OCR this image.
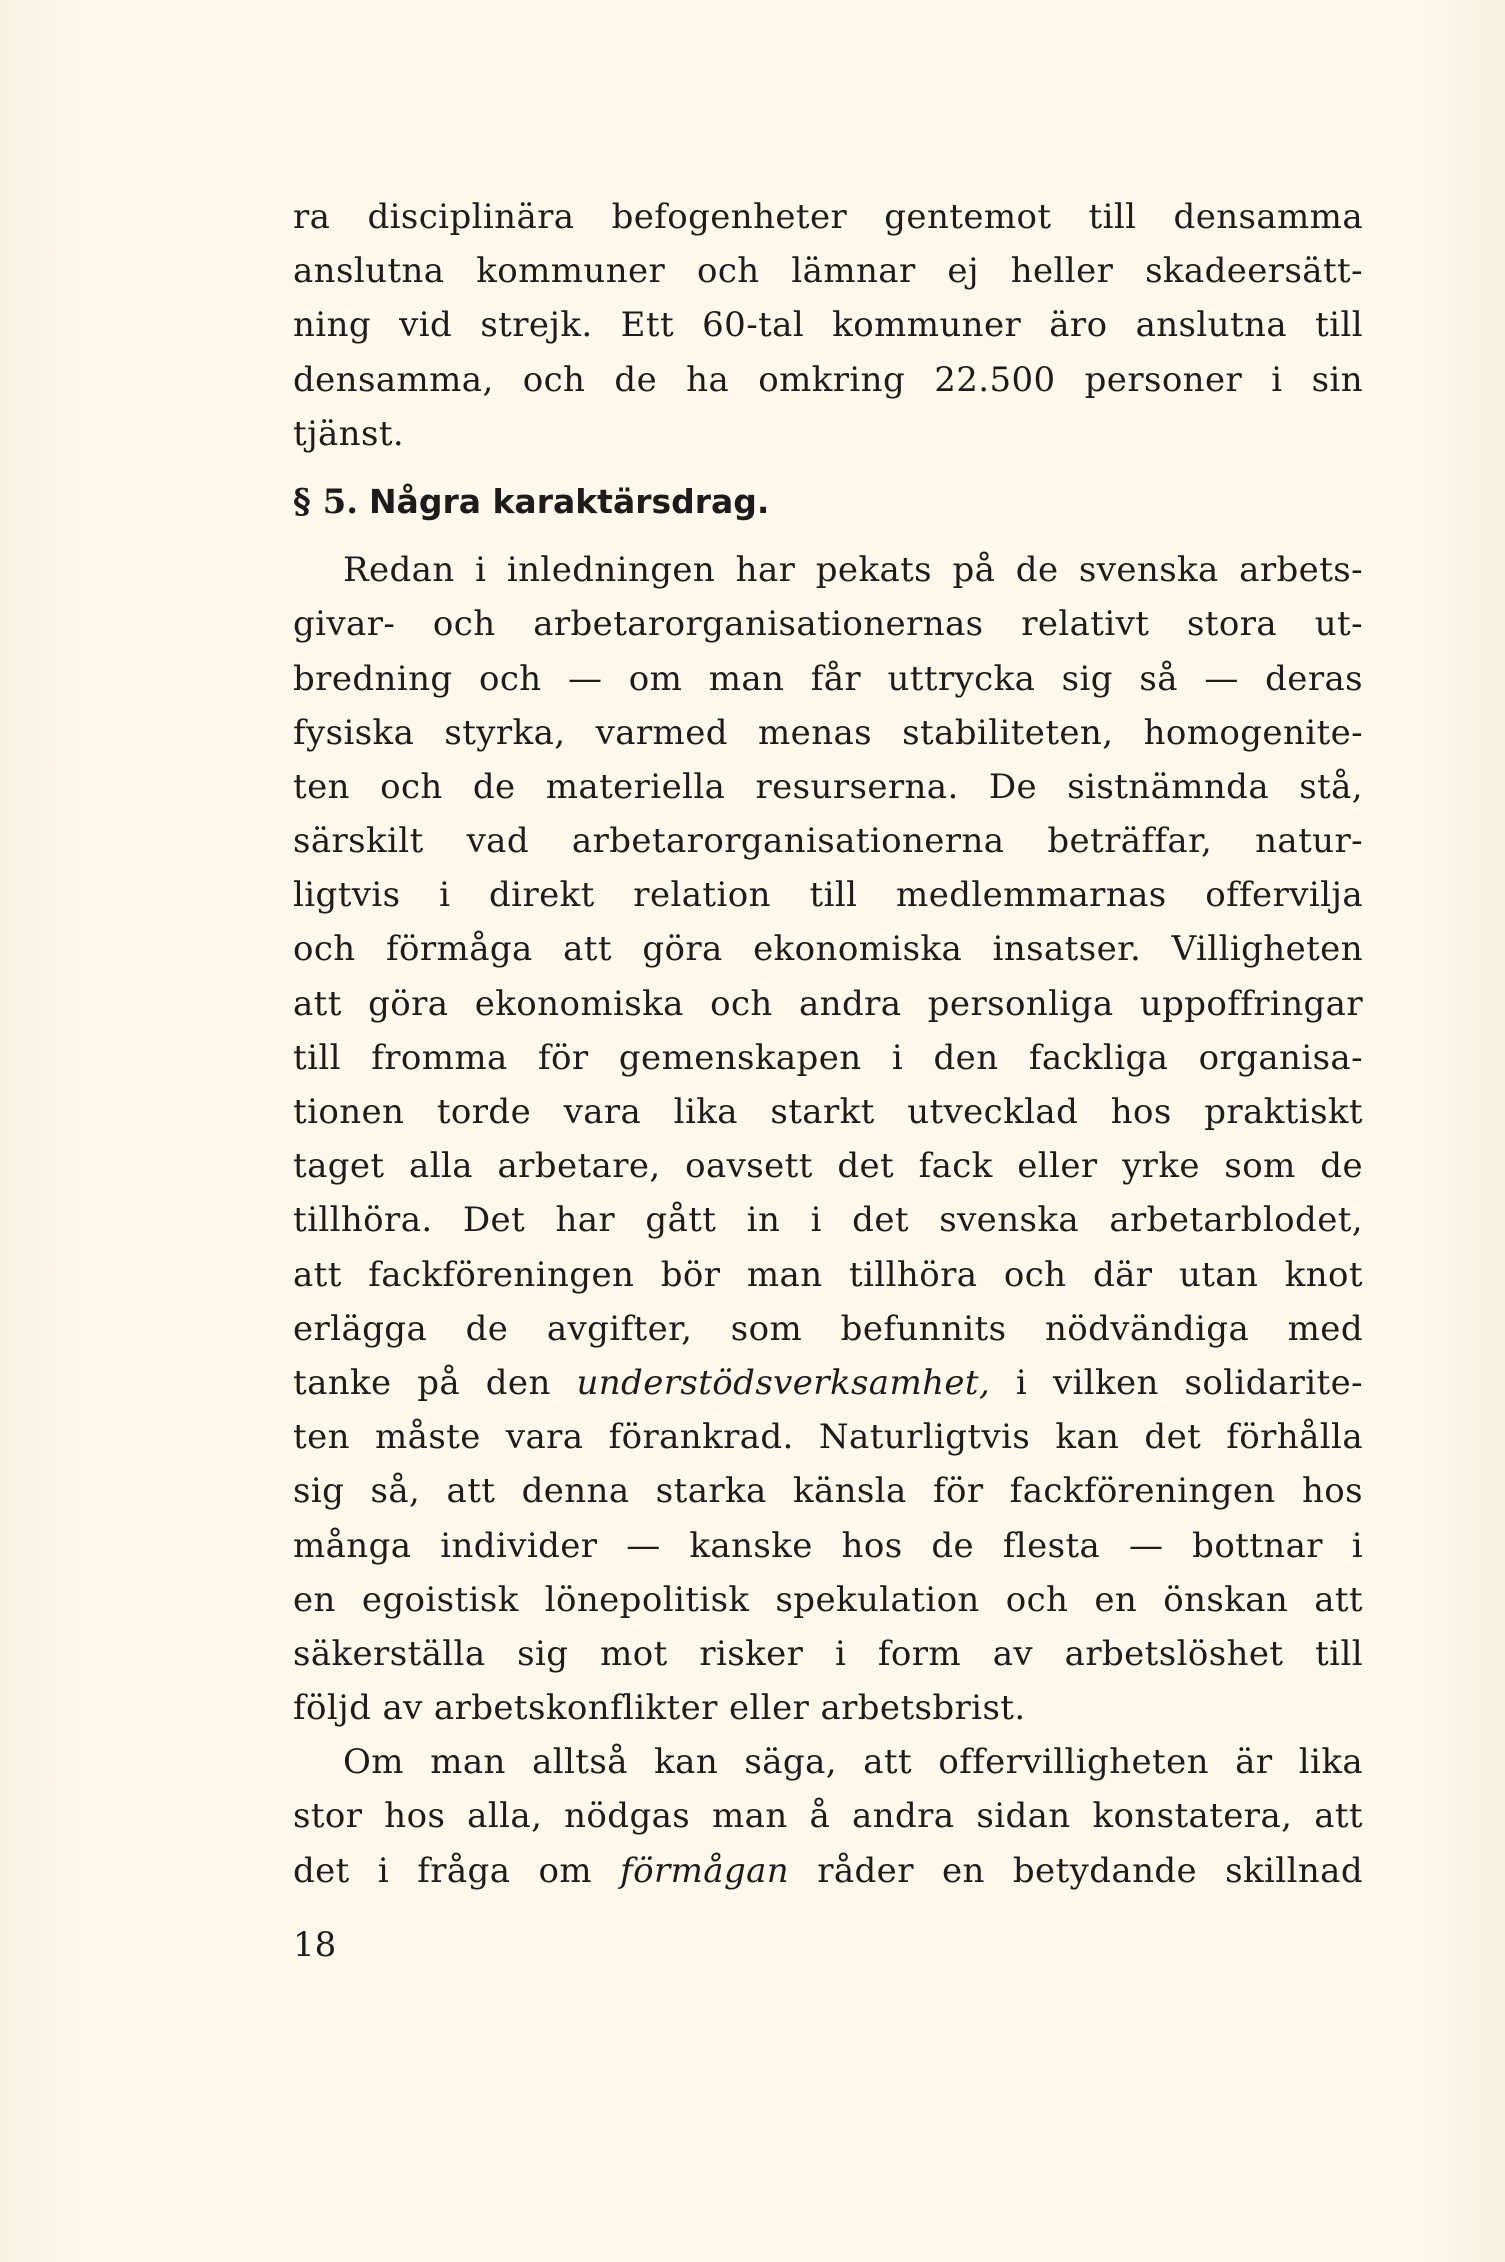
ra disciplinära befogenheter gentemot till densamma
anslutna kommuner och lämnar ej heller skadeersätt-
ning vid strejk. Ett 60-tal kommuner äro anslutna till
densamma, och de ha omkring 22.500 personer i sin
tjänst.
§ 5. Några karaktärsdrag.
Redan i inledningen har pekats på de svenska arbets-
givar- och arbetarorganisationernas relativt stora ut-
bredning och — om man får uttrycka sig så — deras
fysiska styrka, varmed menas stabiliteten, homogenite-
ten och de materiella resurserna. De sistnämnda stå,
särskilt vad arbetarorganisationerna beträffar, natur-
ligtvis i direkt relation till medlemmarnas offervilja
och förmåga att göra ekonomiska insatser. Villigheten
att göra ekonomiska och andra personliga uppoffringar
till fromma för gemenskapen i den fackliga organisa-
tionen torde vara lika starkt utvecklad hos praktiskt
taget alla arbetare, oavsett det fack eller yrke som de
tillhöra. Det har gått in i det svenska arbetarblodet,
att fackföreningen bör man tillhöra och där utan knot
erlägga de avgifter, som befunnits nödvändiga med
tanke på den understödsverksamhet, i vilken solidarite-
ten måste vara förankrad. Naturligtvis kan det förhålla
sig så, att denna starka känsla för fackföreningen hos
många individer — kanske hos de flesta — bottnar i
en egoistisk lönepolitisk spekulation och en önskan att
säkerställa sig mot risker i form av arbetslöshet till
följd av arbetskonflikter eller arbetsbrist.
Om man alltså kan säga, att offervilligheten är lika
stor hos alla, nödgas man å andra sidan konstatera, att
det i fråga om förmågan råder en betydande skillnad
18
